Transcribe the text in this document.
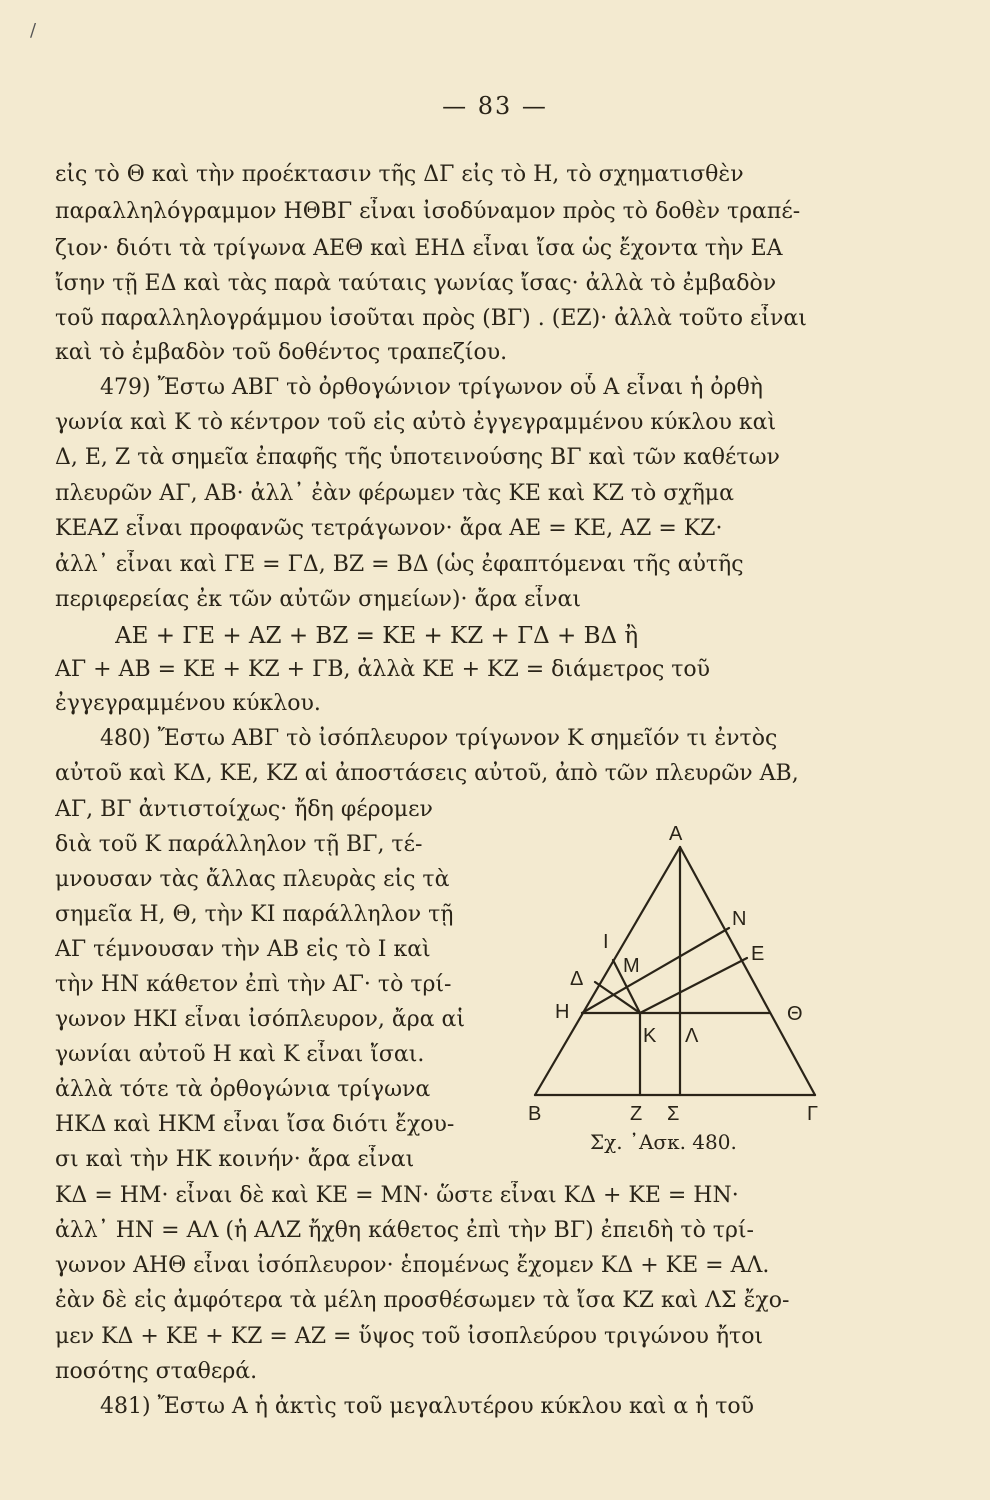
/
— 83 —
εἰς τὸ Θ καὶ τὴν προέκτασιν τῆς ΔΓ εἰς τὸ Η, τὸ σχηματισθὲν
παραλληλόγραμμον ΗΘΒΓ εἶναι ἰσοδύναμον πρὸς τὸ δοθὲν τραπέ-
ζιον· διότι τὰ τρίγωνα ΑΕΘ καὶ ΕΗΔ εἶναι ἴσα ὡς ἔχοντα τὴν ΕΑ
ἴσην τῇ ΕΔ καὶ τὰς παρὰ ταύταις γωνίας ἴσας· ἀλλὰ τὸ ἐμβαδὸν
τοῦ παραλληλογράμμου ἰσοῦται πρὸς (ΒΓ) . (ΕΖ)· ἀλλὰ τοῦτο εἶναι
καὶ τὸ ἐμβαδὸν τοῦ δοθέντος τραπεζίου.
479) Ἔστω ΑΒΓ τὸ ὀρθογώνιον τρίγωνον οὗ Α εἶναι ἡ ὀρθὴ
γωνία καὶ Κ τὸ κέντρον τοῦ εἰς αὐτὸ ἐγγεγραμμένου κύκλου καὶ
Δ, Ε, Ζ τὰ σημεῖα ἐπαφῆς τῆς ὑποτεινούσης ΒΓ καὶ τῶν καθέτων
πλευρῶν ΑΓ, ΑΒ· ἀλλ᾽ ἐὰν φέρωμεν τὰς ΚΕ καὶ ΚΖ τὸ σχῆμα
ΚΕΑΖ εἶναι προφανῶς τετράγωνον· ἄρα ΑΕ = ΚΕ, ΑΖ = ΚΖ·
ἀλλ᾽ εἶναι καὶ ΓΕ = ΓΔ, ΒΖ = ΒΔ (ὡς ἐφαπτόμεναι τῆς αὐτῆς
περιφερείας ἐκ τῶν αὐτῶν σημείων)· ἄρα εἶναι
ΑΕ + ΓΕ + ΑΖ + ΒΖ = ΚΕ + ΚΖ + ΓΔ + ΒΔ ἢ
ΑΓ + ΑΒ = ΚΕ + ΚΖ + ΓΒ, ἀλλὰ ΚΕ + ΚΖ = διάμετρος τοῦ
ἐγγεγραμμένου κύκλου.
480) Ἔστω ΑΒΓ τὸ ἰσόπλευρον τρίγωνον Κ σημεῖόν τι ἐντὸς
αὐτοῦ καὶ ΚΔ, ΚΕ, ΚΖ αἱ ἀποστάσεις αὐτοῦ, ἀπὸ τῶν πλευρῶν ΑΒ,
ΑΓ, ΒΓ ἀντιστοίχως· ἤδη φέρομεν
διὰ τοῦ Κ παράλληλον τῇ ΒΓ, τέ-
μνουσαν τὰς ἄλλας πλευρὰς εἰς τὰ
σημεῖα Η, Θ, τὴν ΚΙ παράλληλον τῇ
ΑΓ τέμνουσαν τὴν ΑΒ εἰς τὸ Ι καὶ
τὴν ΗΝ κάθετον ἐπὶ τὴν ΑΓ· τὸ τρί-
γωνον ΗΚΙ εἶναι ἰσόπλευρον, ἄρα αἱ
γωνίαι αὐτοῦ Η καὶ Κ εἶναι ἴσαι.
ἀλλὰ τότε τὰ ὀρθογώνια τρίγωνα
ΗΚΔ καὶ ΗΚΜ εἶναι ἴσα διότι ἔχου-
σι καὶ τὴν ΗΚ κοινήν· ἄρα εἶναι
ΚΔ = ΗΜ· εἶναι δὲ καὶ ΚΕ = ΜΝ· ὥστε εἶναι ΚΔ + ΚΕ = ΗΝ·
ἀλλ᾽ ΗΝ = ΑΛ (ἡ ΑΛΖ ἤχθη κάθετος ἐπὶ τὴν ΒΓ) ἐπειδὴ τὸ τρί-
γωνον ΑΗΘ εἶναι ἰσόπλευρον· ἑπομένως ἔχομεν ΚΔ + ΚΕ = ΑΛ.
ἐὰν δὲ εἰς ἀμφότερα τὰ μέλη προσθέσωμεν τὰ ἴσα ΚΖ καὶ ΛΣ ἔχο-
μεν ΚΔ + ΚΕ + ΚΖ = ΑΖ = ὕψος τοῦ ἰσοπλεύρου τριγώνου ἤτοι
ποσότης σταθερά.
481) Ἔστω Α ἡ ἀκτὶς τοῦ μεγαλυτέρου κύκλου καὶ α ἡ τοῦ
Α
Ν
Ε
Ι
Μ
Δ
Η
Κ Λ
Θ
Β	Ζ Σ	Γ
Σχ. ᾿Ασκ. 480.
